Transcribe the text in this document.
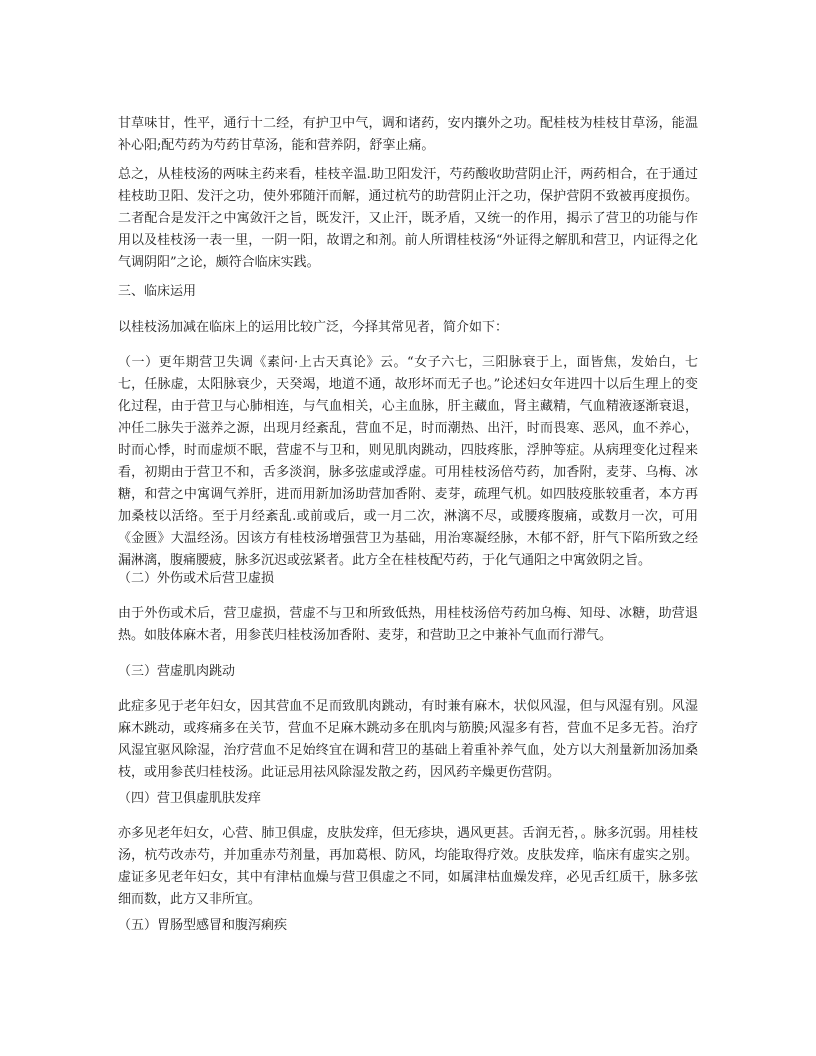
甘草味甘，性平，通行十二经，有护卫中气，调和诸药，安内攘外之功。配桂枝为桂枝甘草汤，能温补心阳;配芍药为芍药甘草汤，能和营养阴，舒挛止痛。

总之，从桂枝汤的两味主药来看，桂枝辛温.助卫阳发汗，芍药酸收助营阴止汗，两药相合，在于通过桂枝助卫阳、发汗之功，使外邪随汗而解，通过杭芍的助营阴止汗之功，保护营阴不致被再度损伤。二者配合是发汗之中寓敛汗之旨，既发汗，又止汗，既矛盾，又统一的作用，揭示了营卫的功能与作用以及桂枝汤一表一里，一阴一阳，故谓之和剂。前人所谓桂枝汤“外证得之解肌和营卫，内证得之化气调阴阳”之论，颇符合临床实践。

三、临床运用

以桂枝汤加减在临床上的运用比较广泛，今择其常见者，简介如下：

（一）更年期营卫失调《素问·上古天真论》云。“女子六七，三阳脉衰于上，面皆焦，发始白，七七，任脉虚，太阳脉衰少，天癸竭，地道不通，故形坏而无子也。”论述妇女年进四十以后生理上的变化过程，由于营卫与心肺相连，与气血相关，心主血脉，肝主藏血，肾主藏精，气血精液逐渐衰退，冲任二脉失于滋养之源，出现月经紊乱，营血不足，时而潮热、出汗，时而畏寒、恶风，血不养心，时而心悸，时而虚烦不眠，营虚不与卫和，则见肌肉跳动，四肢疼胀，浮肿等症。从病理变化过程来看，初期由于营卫不和，舌多淡润，脉多弦虚或浮虚。可用桂枝汤倍芍药，加香附，麦芽、乌梅、冰糖，和营之中寓调气养肝，进而用新加汤助营加香附、麦芽，疏理气机。如四肢疫胀较重者，本方再加桑枝以活络。至于月经紊乱.或前或后，或一月二次，淋漓不尽，或腰疼腹痛，或数月一次，可用《金匮》大温经汤。因该方有桂枝汤增强营卫为基础，用治寒凝经脉，木郁不舒，肝气下陷所致之经漏淋漓，腹痛腰疲，脉多沉迟或弦紧者。此方全在桂枝配芍药，于化气通阳之中寓敛阴之旨。

（二）外伤或术后营卫虚损

由于外伤或术后，营卫虚损，营虚不与卫和所致低热，用桂枝汤倍芍药加乌梅、知母、冰糖，助营退热。如肢体麻木者，用参芪归桂枝汤加香附、麦芽，和营助卫之中兼补气血而行滞气。

（三）营虚肌肉跳动

此症多见于老年妇女，因其营血不足而致肌肉跳动，有时兼有麻木，状似风湿，但与风湿有别。风湿麻木跳动，或疼痛多在关节，营血不足麻木跳动多在肌肉与筋膜;风湿多有苔，营血不足多无苔。治疗风湿宜驱风除湿，治疗营血不足始终宜在调和营卫的基础上着重补养气血，处方以大剂量新加汤加桑枝，或用参芪归桂枝汤。此证忌用祛风除湿发散之药，因风药辛燥更伤营阴。

（四）营卫俱虚肌肤发痒

亦多见老年妇女，心营、肺卫俱虚，皮肤发痒，但无疹块，遇风更甚。舌润无苔，。脉多沉弱。用桂枝汤，杭芍改赤芍，并加重赤芍剂量，再加葛根、防风，均能取得疗效。皮肤发痒，临床有虚实之别。虚证多见老年妇女，其中有津枯血燥与营卫俱虚之不同，如属津枯血燥发痒，必见舌红质干，脉多弦细而数，此方又非所宜。

（五）胃肠型感冒和腹泻痢疾
